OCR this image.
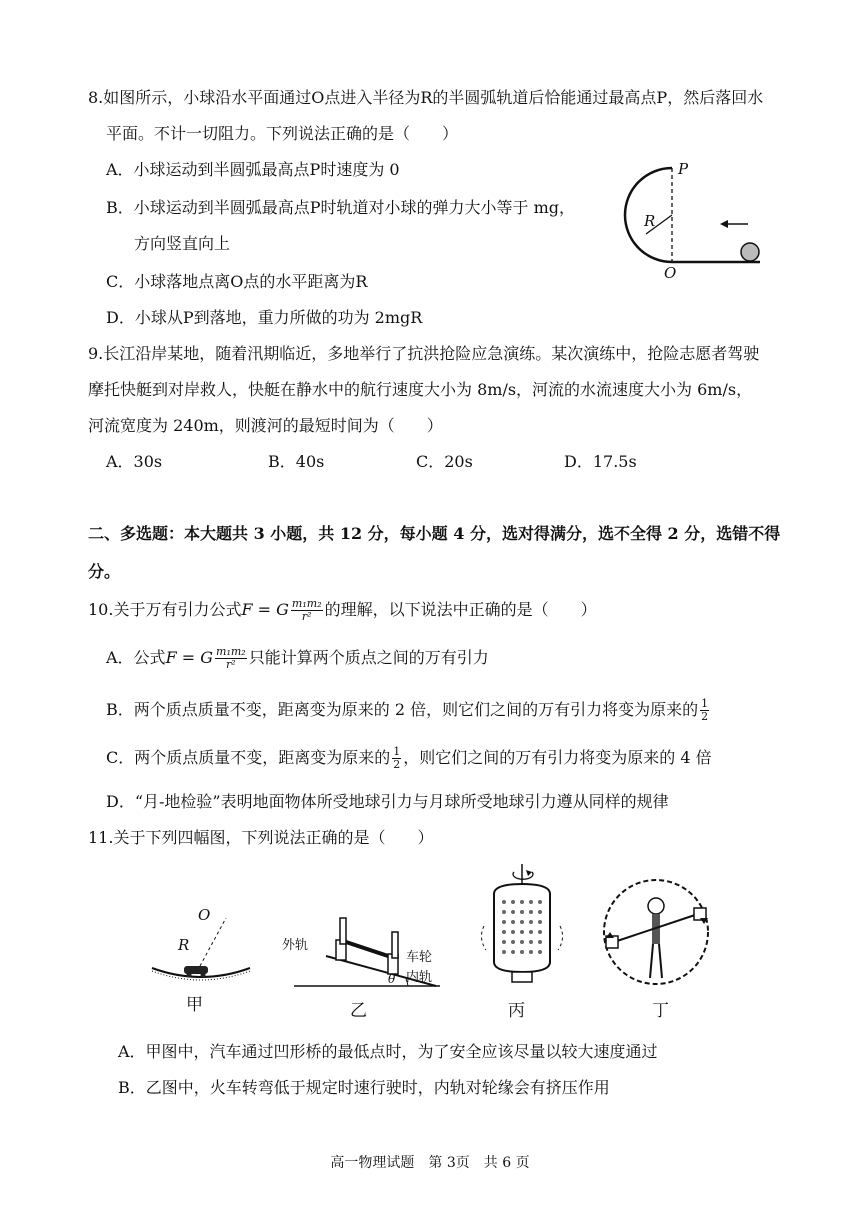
8.如图所示，小球沿水平面通过O点进入半径为R的半圆弧轨道后恰能通过最高点P，然后落回水
平面。不计一切阻力。下列说法正确的是（　　）
A．小球运动到半圆弧最高点P时速度为 0
B．小球运动到半圆弧最高点P时轨道对小球的弹力大小等于 mg，
方向竖直向上
C．小球落地点离O点的水平距离为R
D．小球从P到落地，重力所做的功为 2mgR
P
R
O
9.长江沿岸某地，随着汛期临近，多地举行了抗洪抢险应急演练。某次演练中，抢险志愿者驾驶
摩托快艇到对岸救人，快艇在静水中的航行速度大小为 8m/s，河流的水流速度大小为 6m/s，
河流宽度为 240m，则渡河的最短时间为（　　）
A．30s	B．40s	C．20s	D．17.5s
二、多选题：本大题共 3 小题，共 12 分，每小题 4 分，选对得满分，选不全得 2 分，选错不得
分。
10.关于万有引力公式F = G $\frac{\text{m₁m₂}}{\text{r²}}$ 的理解，以下说法中正确的是（　　）
A．公式F = G $\frac{\text{m₁m₂}}{\text{r²}}$ 只能计算两个质点之间的万有引力
B．两个质点质量不变，距离变为原来的 2 倍，则它们之间的万有引力将变为原来的 $\frac{1}{2}$
C．两个质点质量不变，距离变为原来的 $\frac{1}{2}$ ，则它们之间的万有引力将变为原来的 4 倍
D．“月-地检验”表明地面物体所受地球引力与月球所受地球引力遵从同样的规律
11.关于下列四幅图，下列说法正确的是（　　）
O
R
甲
外轨
车轮
内轨
θ
乙	丙	丁
A．甲图中，汽车通过凹形桥的最低点时，为了安全应该尽量以较大速度通过
B．乙图中，火车转弯低于规定时速行驶时，内轨对轮缘会有挤压作用
高一物理试题　第 3页　共 6 页
